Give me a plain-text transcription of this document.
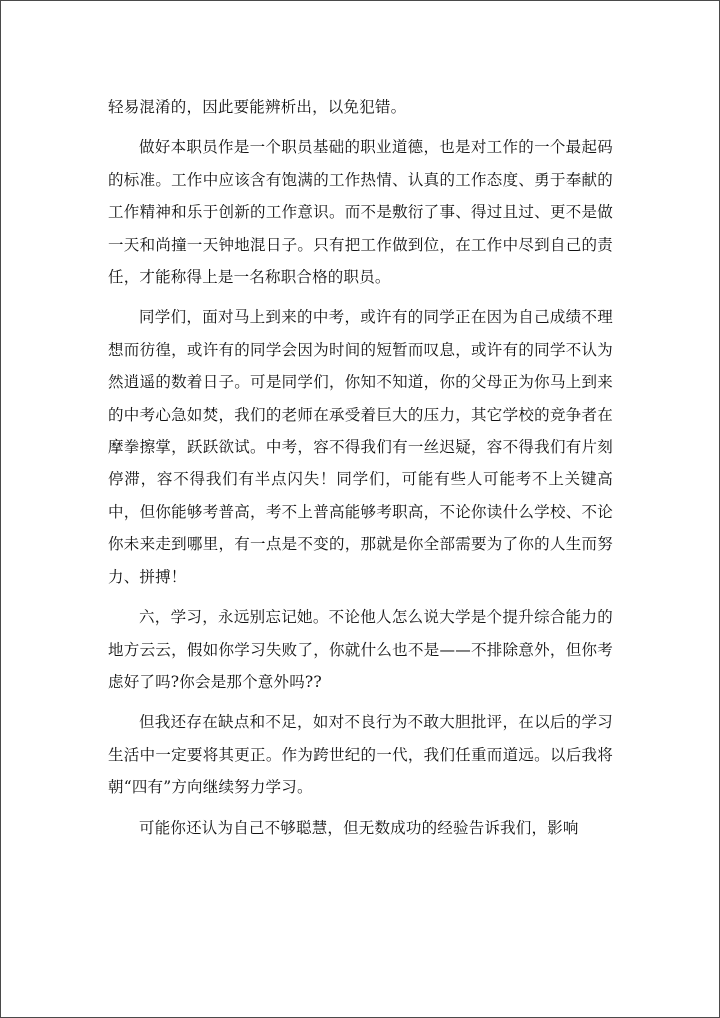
轻易混淆的，因此要能辨析出，以免犯错。

做好本职员作是一个职员基础的职业道德，也是对工作的一个最起码的标准。工作中应该含有饱满的工作热情、认真的工作态度、勇于奉献的工作精神和乐于创新的工作意识。而不是敷衍了事、得过且过、更不是做一天和尚撞一天钟地混日子。只有把工作做到位，在工作中尽到自己的责任，才能称得上是一名称职合格的职员。

同学们，面对马上到来的中考，或许有的同学正在因为自己成绩不理想而彷徨，或许有的同学会因为时间的短暂而叹息，或许有的同学不认为然逍遥的数着日子。可是同学们，你知不知道，你的父母正为你马上到来的中考心急如焚，我们的老师在承受着巨大的压力，其它学校的竞争者在摩拳擦掌，跃跃欲试。中考，容不得我们有一丝迟疑，容不得我们有片刻停滞，容不得我们有半点闪失！同学们，可能有些人可能考不上关键高中，但你能够考普高，考不上普高能够考职高，不论你读什么学校、不论你未来走到哪里，有一点是不变的，那就是你全部需要为了你的人生而努力、拼搏！

六，学习，永远别忘记她。不论他人怎么说大学是个提升综合能力的地方云云，假如你学习失败了，你就什么也不是——不排除意外，但你考虑好了吗?你会是那个意外吗??

但我还存在缺点和不足，如对不良行为不敢大胆批评，在以后的学习生活中一定要将其更正。作为跨世纪的一代，我们任重而道远。以后我将朝“四有”方向继续努力学习。

可能你还认为自己不够聪慧，但无数成功的经验告诉我们，影响
